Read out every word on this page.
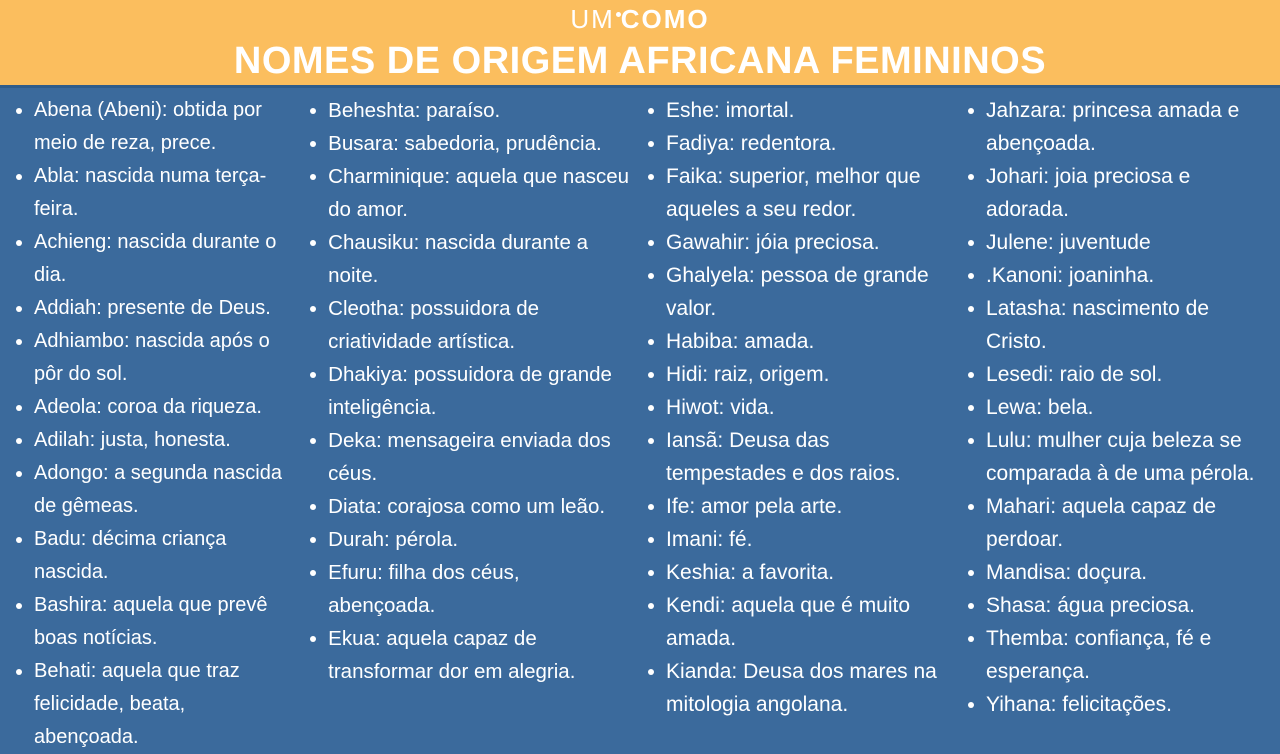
UM COMO
NOMES DE ORIGEM AFRICANA FEMININOS
Abena (Abeni): obtida por meio de reza, prece.
Abla: nascida numa terça-feira.
Achieng: nascida durante o dia.
Addiah: presente de Deus.
Adhiambo: nascida após o pôr do sol.
Adeola: coroa da riqueza.
Adilah: justa, honesta.
Adongo: a segunda nascida de gêmeas.
Badu: décima criança nascida.
Bashira: aquela que prevê boas notícias.
Behati: aquela que traz felicidade, beata, abençoada.
Beheshta: paraíso.
Busara: sabedoria, prudência.
Charminique: aquela que nasceu do amor.
Chausiku: nascida durante a noite.
Cleotha: possuidora de criatividade artística.
Dhakiya: possuidora de grande inteligência.
Deka: mensageira enviada dos céus.
Diata: corajosa como um leão.
Durah: pérola.
Efuru: filha dos céus, abençoada.
Ekua: aquela capaz de transformar dor em alegria.
Eshe: imortal.
Fadiya: redentora.
Faika: superior, melhor que aqueles a seu redor.
Gawahir: jóia preciosa.
Ghalyela: pessoa de grande valor.
Habiba: amada.
Hidi: raiz, origem.
Hiwot: vida.
Iansã: Deusa das tempestades e dos raios.
Ife: amor pela arte.
Imani: fé.
Keshia: a favorita.
Kendi: aquela que é muito amada.
Kianda: Deusa dos mares na mitologia angolana.
Jahzara: princesa amada e abençoada.
Johari: joia preciosa e adorada.
Julene: juventude
.Kanoni: joaninha.
Latasha: nascimento de Cristo.
Lesedi: raio de sol.
Lewa: bela.
Lulu: mulher cuja beleza se comparada à de uma pérola.
Mahari: aquela capaz de perdoar.
Mandisa: doçura.
Shasa: água preciosa.
Themba: confiança, fé e esperança.
Yihana: felicitações.
